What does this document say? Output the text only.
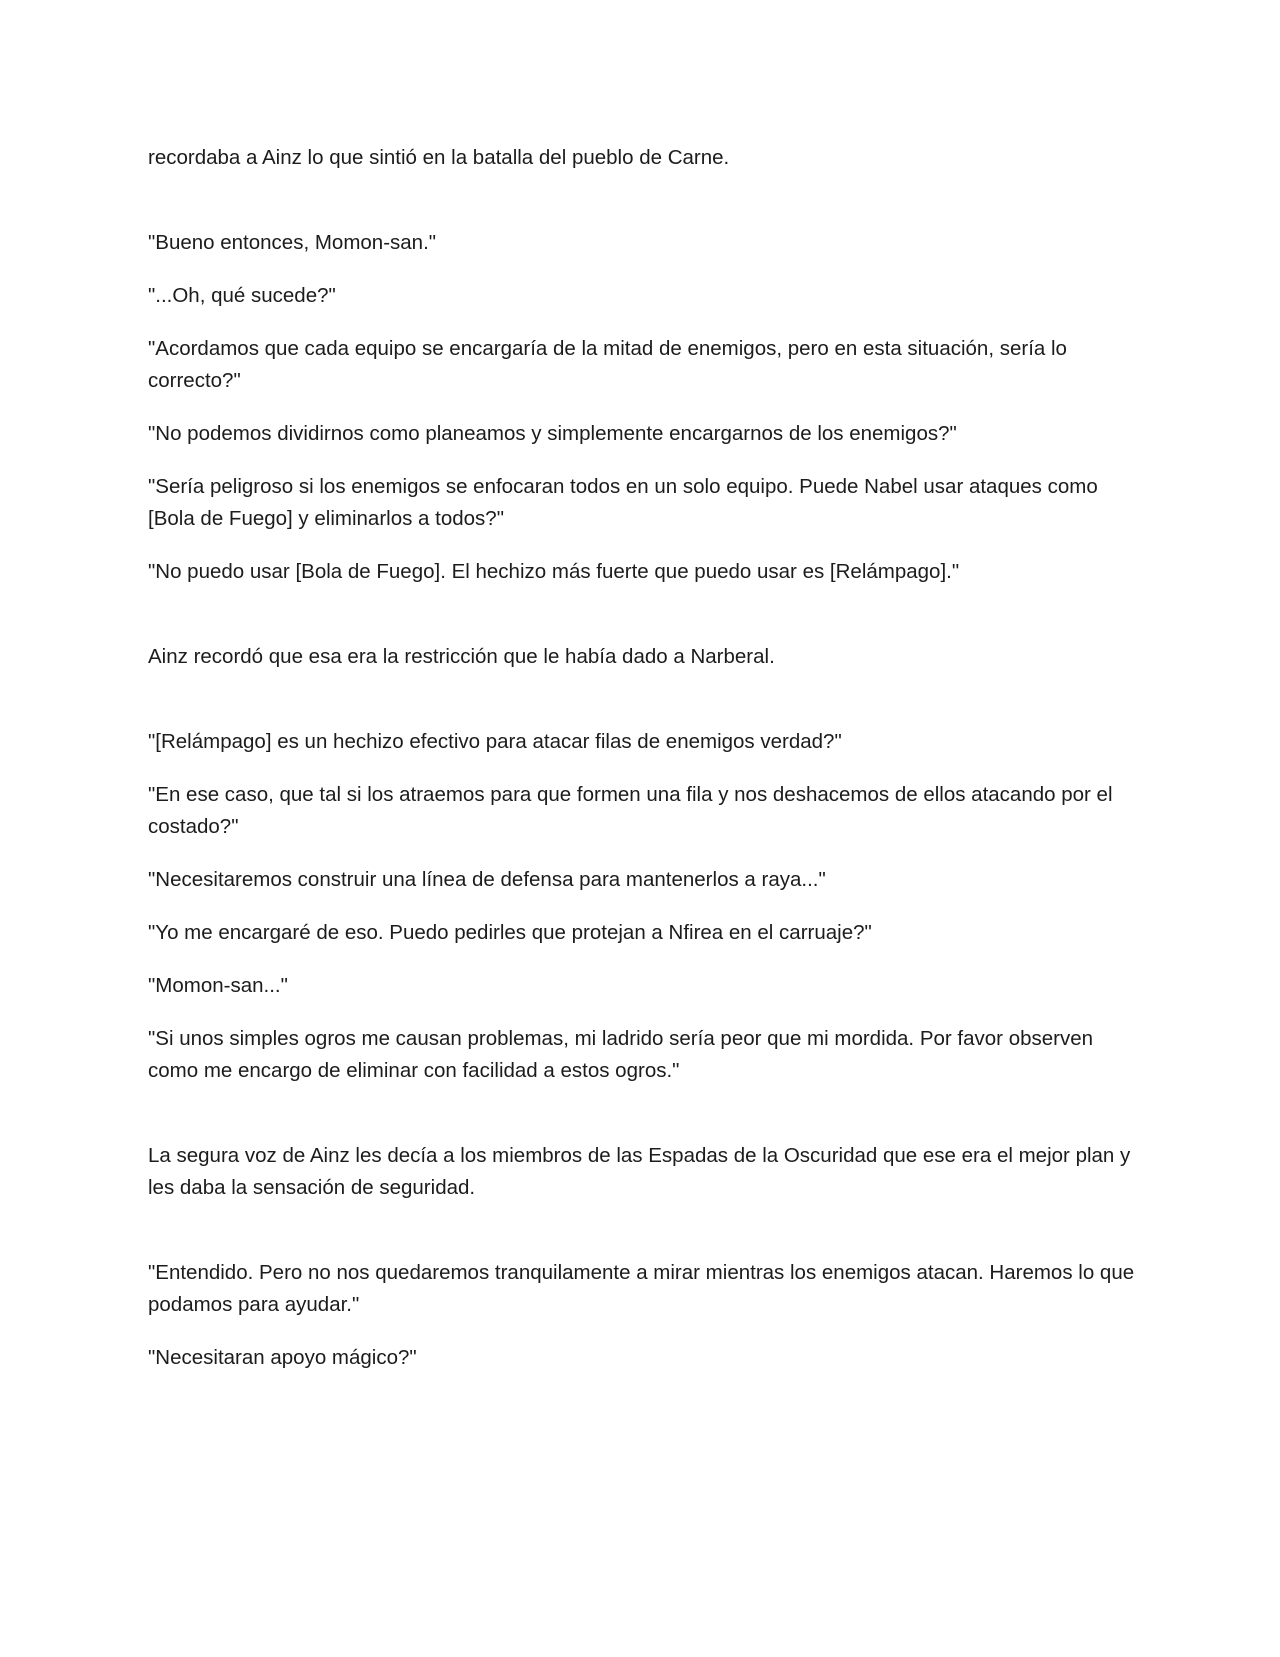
recordaba a Ainz lo que sintió en la batalla del pueblo de Carne.

"Bueno entonces, Momon-san."

"...Oh, qué sucede?"

"Acordamos que cada equipo se encargaría de la mitad de enemigos, pero en esta situación, sería lo correcto?"

"No podemos dividirnos como planeamos y simplemente encargarnos de los enemigos?"

"Sería peligroso si los enemigos se enfocaran todos en un solo equipo. Puede Nabel usar ataques como [Bola de Fuego] y eliminarlos a todos?"

"No puedo usar [Bola de Fuego]. El hechizo más fuerte que puedo usar es [Relámpago]."

Ainz recordó que esa era la restricción que le había dado a Narberal.

"[Relámpago] es un hechizo efectivo para atacar filas de enemigos verdad?"

"En ese caso, que tal si los atraemos para que formen una fila y nos deshacemos de ellos atacando por el costado?"

"Necesitaremos construir una línea de defensa para mantenerlos a raya..."

"Yo me encargaré de eso. Puedo pedirles que protejan a Nfirea en el carruaje?"

"Momon-san..."

"Si unos simples ogros me causan problemas, mi ladrido sería peor que mi mordida. Por favor observen como me encargo de eliminar con facilidad a estos ogros."

La segura voz de Ainz les decía a los miembros de las Espadas de la Oscuridad que ese era el mejor plan y les daba la sensación de seguridad.

"Entendido. Pero no nos quedaremos tranquilamente a mirar mientras los enemigos atacan. Haremos lo que podamos para ayudar."

"Necesitaran apoyo mágico?"
